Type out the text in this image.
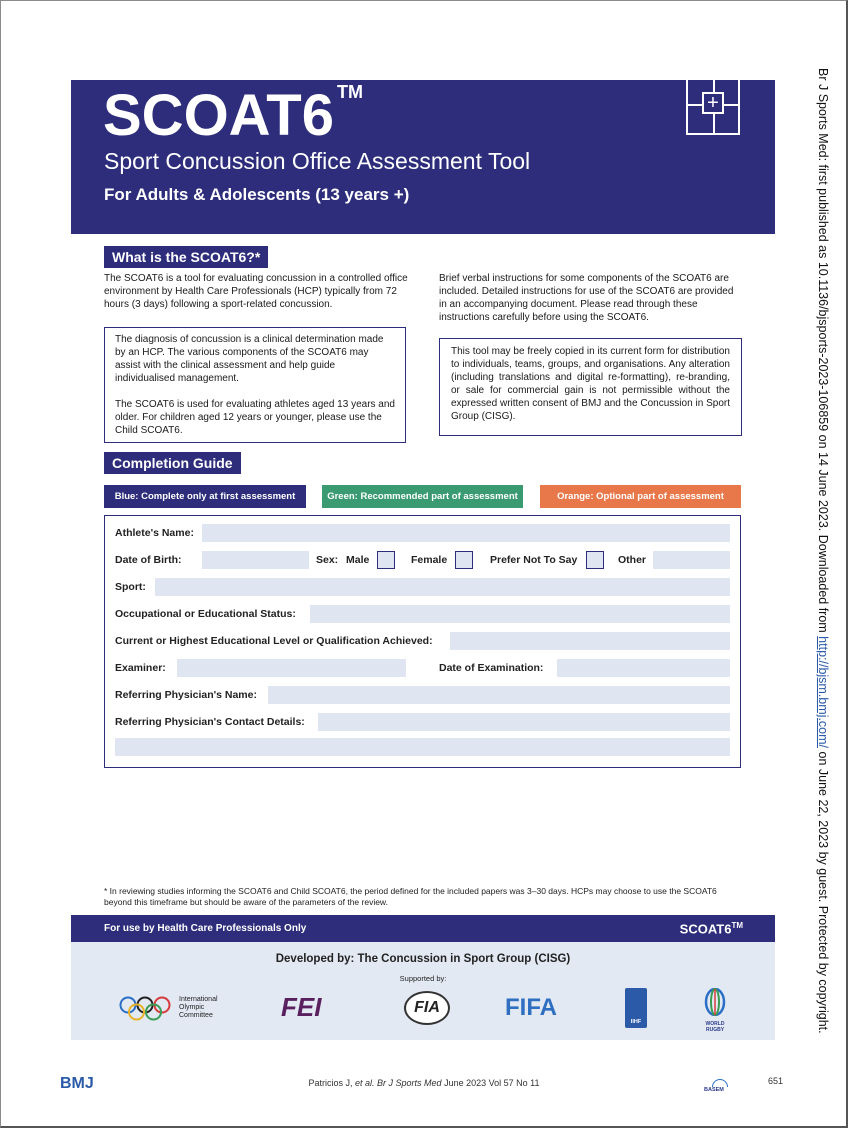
SCOAT6 TM
Sport Concussion Office Assessment Tool
For Adults & Adolescents (13 years +)
+
What is the SCOAT6?*
The SCOAT6 is a tool for evaluating concussion in a controlled office environment by Health Care Professionals (HCP) typically from 72 hours (3 days) following a sport-related concussion.
The diagnosis of concussion is a clinical determination made by an HCP. The various components of the SCOAT6 may assist with the clinical assessment and help guide individualised management.
The SCOAT6 is used for evaluating athletes aged 13 years and older. For children aged 12 years or younger, please use the Child SCOAT6.
Brief verbal instructions for some components of the SCOAT6 are included. Detailed instructions for use of the SCOAT6 are provided in an accompanying document. Please read through these instructions carefully before using the SCOAT6.
This tool may be freely copied in its current form for distribution to individuals, teams, groups, and organisations. Any alteration (including translations and digital re-formatting), re-branding, or sale for commercial gain is not permissible without the expressed written consent of BMJ and the Concussion in Sport Group (CISG).
Completion Guide
Blue: Complete only at first assessment	Green: Recommended part of assessment	Orange: Optional part of assessment
Athlete's Name:
Date of Birth:	Sex: Male	Female	Prefer Not To Say	Other
Sport:
Occupational or Educational Status:
Current or Highest Educational Level or Qualification Achieved:
Examiner:	Date of Examination:
Referring Physician's Name:
Referring Physician's Contact Details:
* In reviewing studies informing the SCOAT6 and Child SCOAT6, the period defined for the included papers was 3–30 days. HCPs may choose to use the SCOAT6 beyond this timeframe but should be aware of the parameters of the review.
For use by Health Care Professionals Only	SCOAT6™
Developed by: The Concussion in Sport Group (CISG)
Supported by:
International
Olympic
Committee	FEI	FIA	FIFA
IIHF	WORLD
RUGBY
BMJ	Patricios J, et al. Br J Sports Med June 2023 Vol 57 No 11
BASEM
651
Br J Sports Med: first published as 10.1136/bjsports-2023-106859 on 14 June 2023. Downloaded from http://bjsm.bmj.com/ on June 22, 2023 by guest. Protected by copyright.
